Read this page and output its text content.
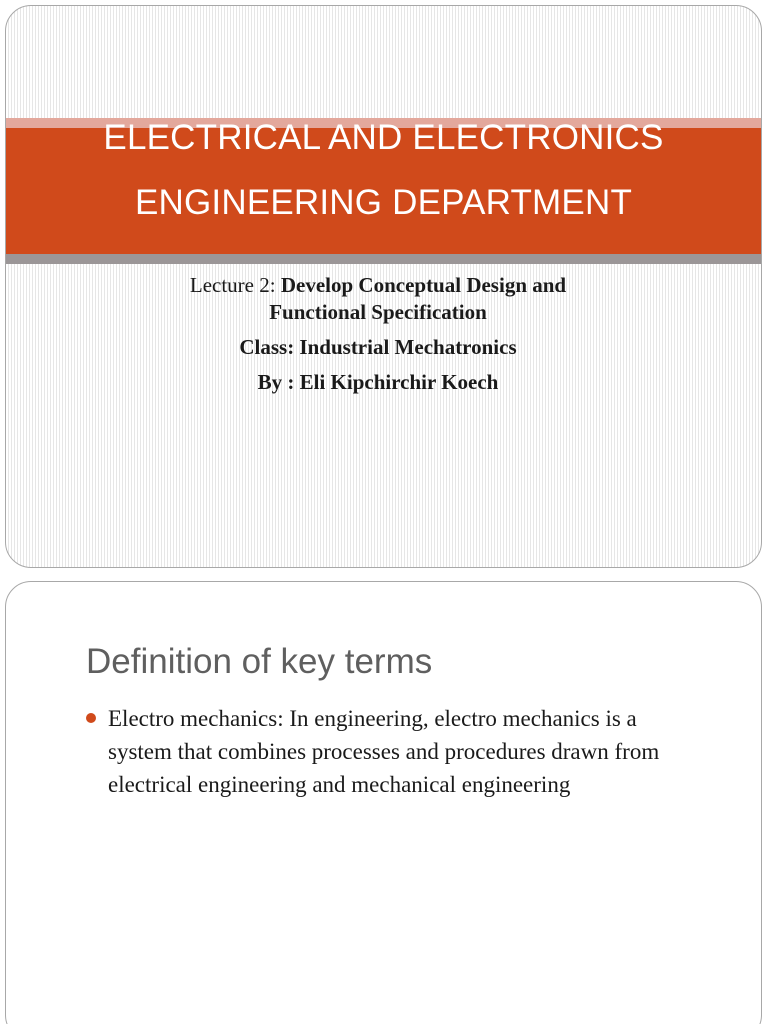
ELECTRICAL AND ELECTRONICS
ENGINEERING DEPARTMENT
Lecture 2: Develop Conceptual Design and
Functional Specification
Class: Industrial Mechatronics
By : Eli Kipchirchir Koech
Definition of key terms
Electro mechanics: In engineering, electro mechanics is a
system that combines processes and procedures drawn from
electrical engineering and mechanical engineering
